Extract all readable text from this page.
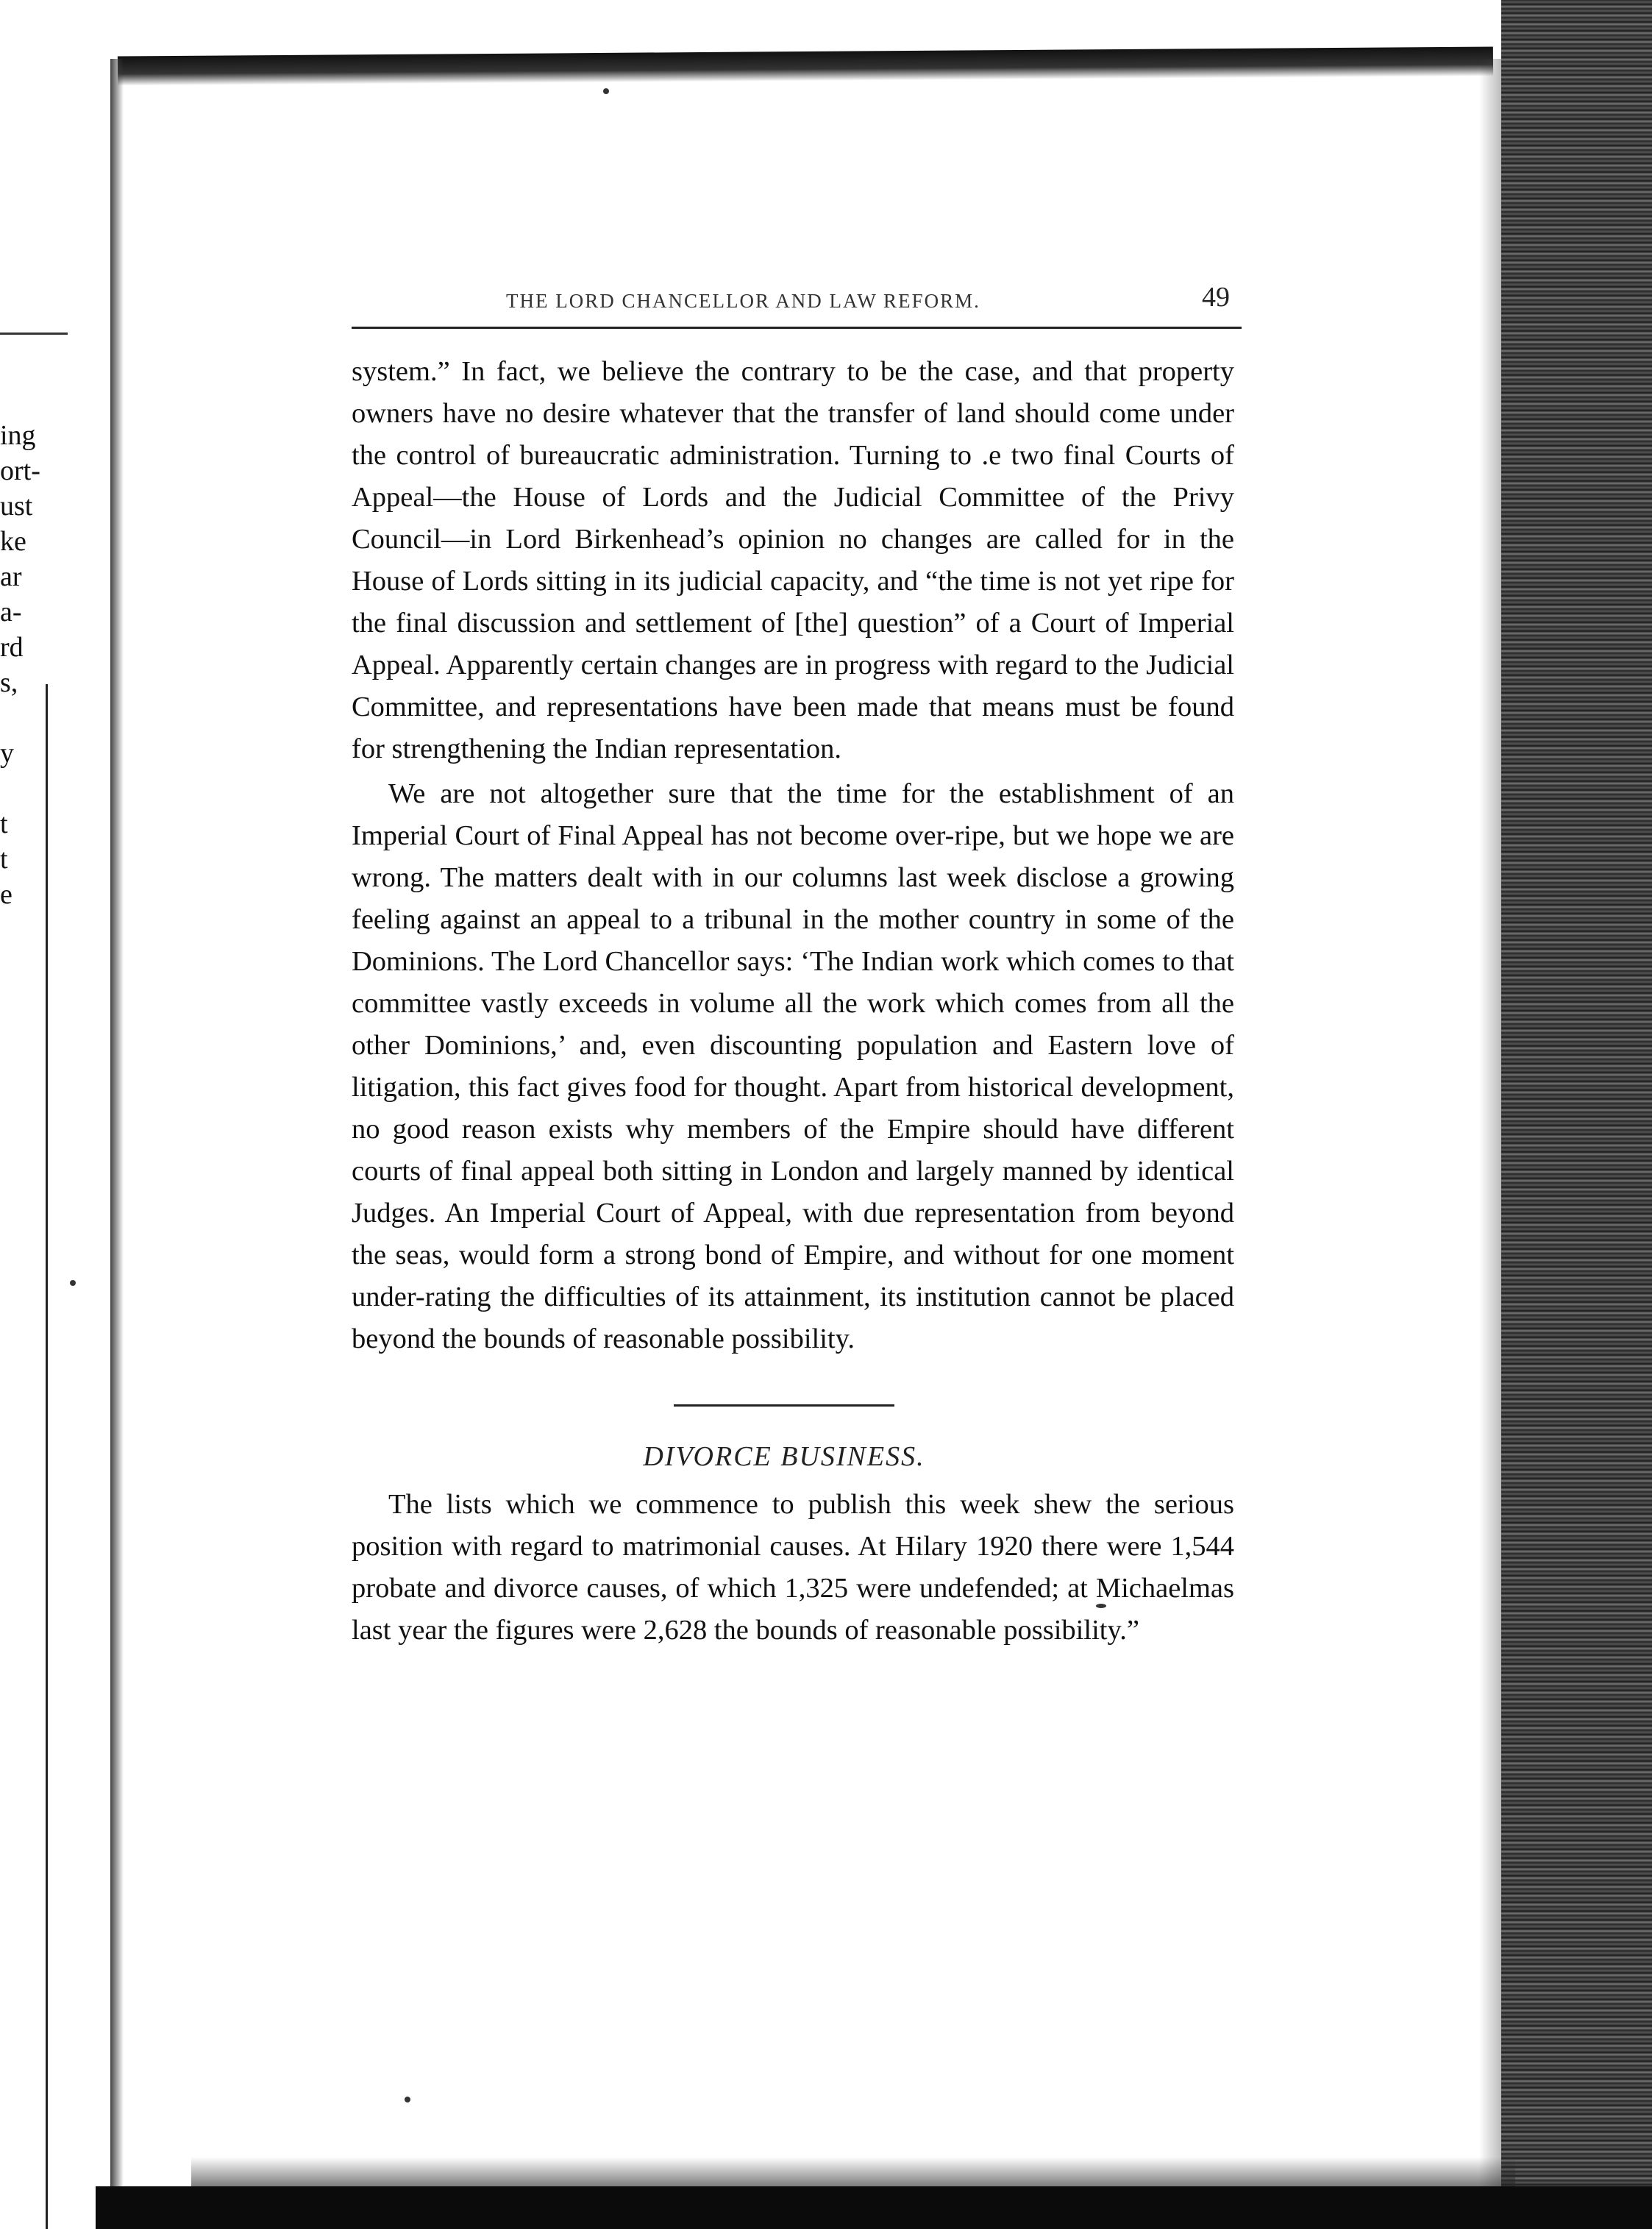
ing
ort-
ust
ke
ar
a-
rd
s,
y
t
t
e
THE LORD CHANCELLOR AND LAW REFORM.	49

system.” In fact, we believe the contrary to be the case, and that property owners have no desire whatever that the transfer of land should come under the control of bureaucratic administration. Turning to .e two final Courts of Appeal—the House of Lords and the Judicial Committee of the Privy Council—in Lord Birkenhead’s opinion no changes are called for in the House of Lords sitting in its judicial capacity, and “the time is not yet ripe for the final discussion and settlement of [the] question” of a Court of Imperial Appeal. Apparently certain changes are in progress with regard to the Judicial Committee, and representations have been made that means must be found for strengthening the Indian representation.

We are not altogether sure that the time for the establishment of an Imperial Court of Final Appeal has not become over-ripe, but we hope we are wrong. The matters dealt with in our columns last week disclose a growing feeling against an appeal to a tribunal in the mother country in some of the Dominions. The Lord Chancellor says: ‘The Indian work which comes to that committee vastly exceeds in volume all the work which comes from all the other Dominions,’ and, even discounting population and Eastern love of litigation, this fact gives food for thought. Apart from historical development, no good reason exists why members of the Empire should have different courts of final appeal both sitting in London and largely manned by identical Judges. An Imperial Court of Appeal, with due representation from beyond the seas, would form a strong bond of Empire, and without for one moment under-rating the difficulties of its attainment, its institution cannot be placed beyond the bounds of reasonable possibility.

DIVORCE BUSINESS.

The lists which we commence to publish this week shew the serious position with regard to matrimonial causes. At Hilary 1920 there were 1,544 probate and divorce causes, of which 1,325 were undefended; at Michaelmas last year the figures were 2,628 the bounds of reasonable possibility.”
